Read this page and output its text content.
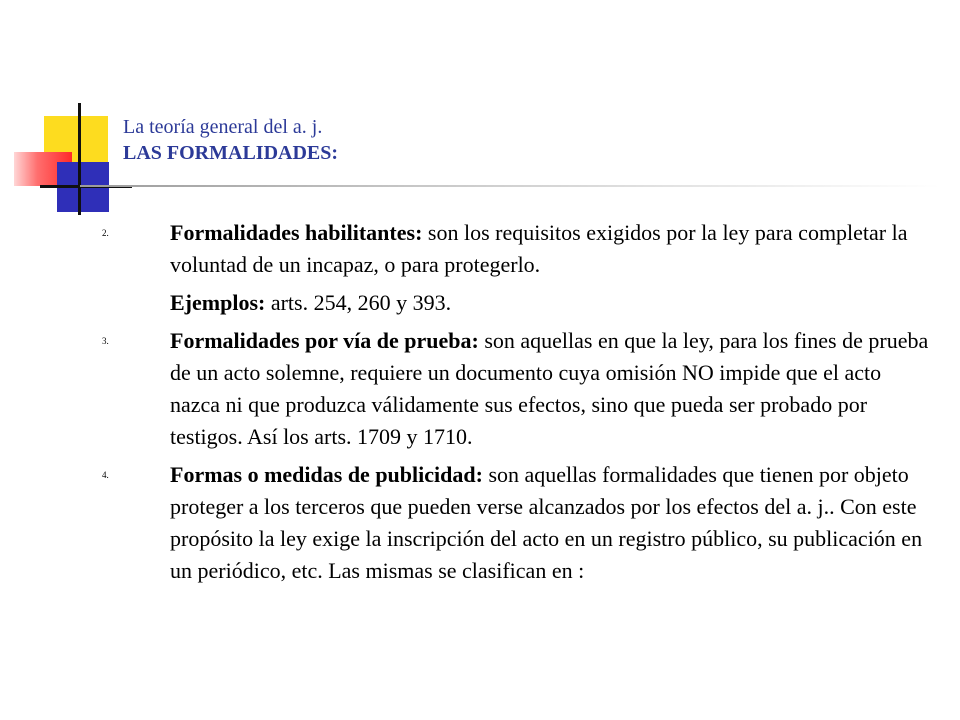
La teoría general del a. j.
LAS FORMALIDADES:
2.	Formalidades habilitantes: son los requisitos exigidos por la ley para completar la voluntad de un incapaz, o para protegerlo.
Ejemplos: arts. 254, 260 y 393.
3.	Formalidades por vía de prueba: son aquellas en que la ley, para los fines de prueba de un acto solemne, requiere un documento cuya omisión NO impide que el acto nazca ni que produzca válidamente sus efectos, sino que pueda ser probado por testigos. Así los arts. 1709 y 1710.
4.	Formas o medidas de publicidad: son aquellas formalidades que tienen por objeto proteger a los terceros que pueden verse alcanzados por los efectos del a. j.. Con este propósito la ley exige la inscripción del acto en un registro público, su publicación en un periódico, etc. Las mismas se clasifican en :
